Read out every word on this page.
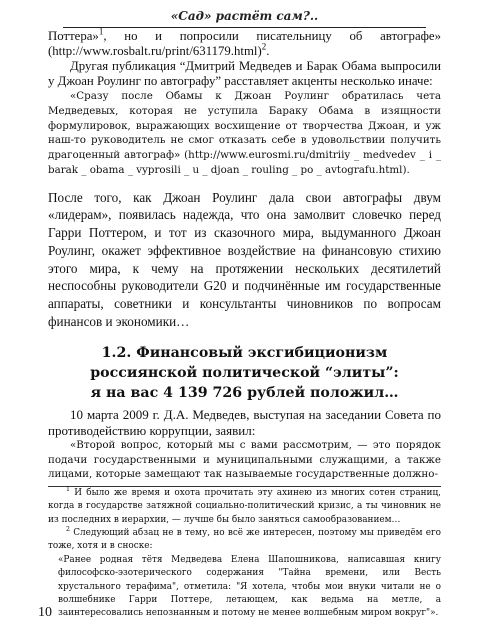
«Сад» растёт сам?..

Поттера»$^1$, но и попросили писательницу об автографе» (http://www.rosbalt.ru/print/631179.html)$^2$.

Другая публикация “Дмитрий Медведев и Барак Обама выпросили у Джоан Роулинг по автографу” расставляет акценты несколько иначе:

«Сразу после Обамы к Джоан Роулинг обратилась чета Медведевых, которая не уступила Бараку Обама в изящности формулировок, выражающих восхищение от творчества Джоан, и уж наш-то руководитель не смог отказать себе в удовольствии получить драгоценный автограф» (http://www.eurosmi.ru/dmitriiy _ medvedev _ i _ barak _ obama _ vyprosili _ u _ djoan _ rouling _ po _ avtografu.html).

После того, как Джоан Роулинг дала свои автографы двум «лидерам», появилась надежда, что она замолвит словечко перед Гарри Поттером, и тот из сказочного мира, выдуманного Джоан Роулинг, окажет эффективное воздействие на финансовую стихию этого мира, к чему на протяжении нескольких десятилетий неспособны руководители G20 и подчинённые им государственные аппараты, советники и консультанты чиновников по вопросам финансов и экономики…

1.2. Финансовый эксгибиционизм
россиянской политической “элиты”:
я на вас 4 139 726 рублей положил…

10 марта 2009 г. Д.А. Медведев, выступая на заседании Совета по противодействию коррупции, заявил:

«Второй вопрос, который мы с вами рассмотрим, — это порядок подачи государственными и муниципальными служащими, а также лицами, которые замещают так называемые государственные должно-

$^1$ И было же время и охота прочитать эту ахинею из многих сотен страниц, когда в государстве затяжной социально-политический кризис, а ты чиновник не из последних в иерархии, — лучше бы было заняться самообразованием…

$^2$ Следующий абзац не в тему, но всё же интересен, поэтому мы приведём его тоже, хотя и в сноске:

«Ранее родная тётя Медведева Елена Шапошникова, написавшая книгу философско-эзотерического содержания "Тайна времени, или Весть хрустального терафима", отметила: "Я хотела, чтобы мои внуки читали не о волшебнике Гарри Поттере, летающем, как ведьма на метле, а заинтересовались непознанным и потому не менее волшебным миром вокруг"».

10
